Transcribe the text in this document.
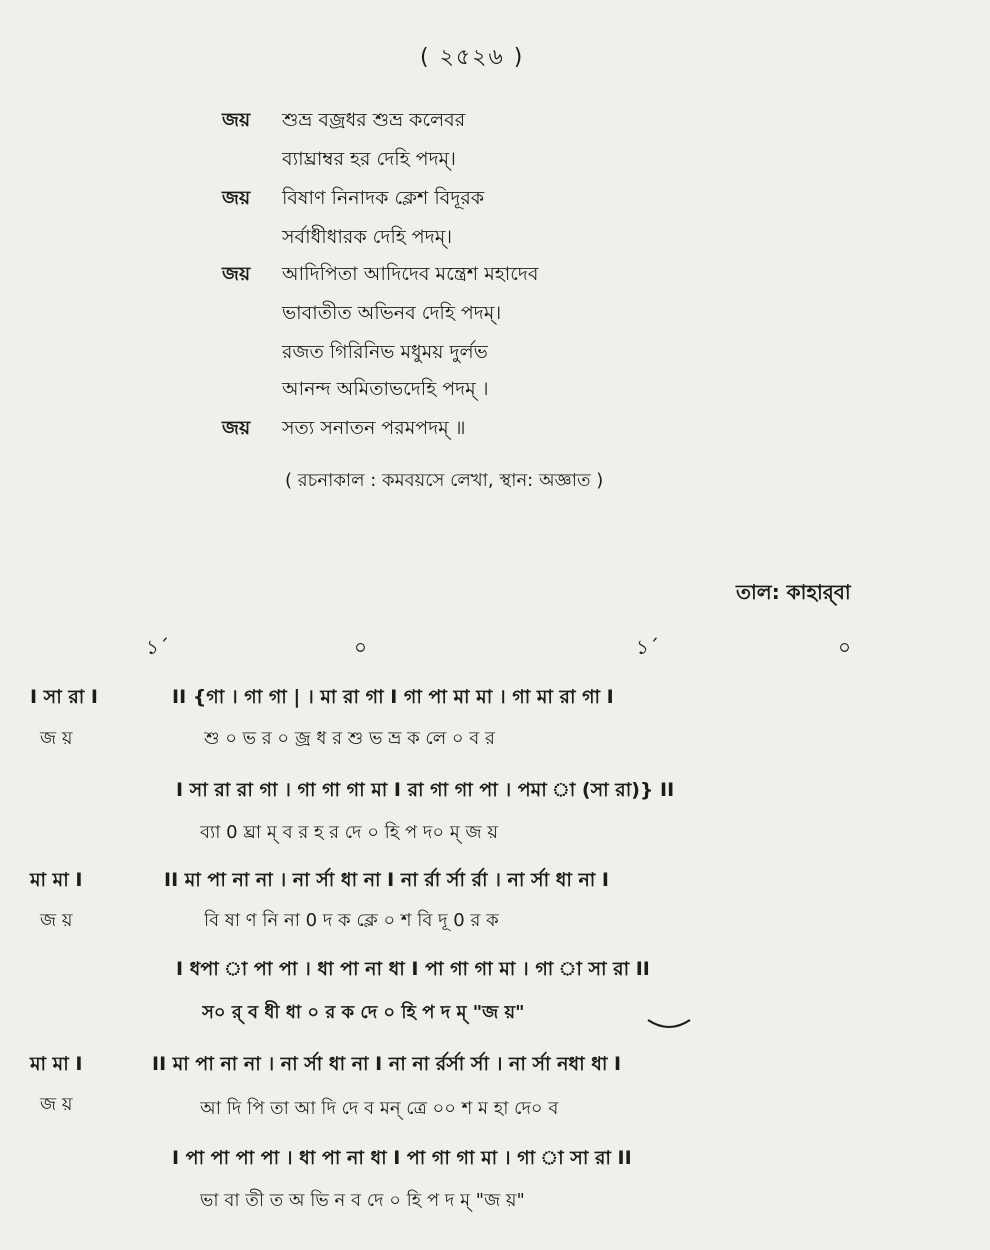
( ২৫২৬ )
জয় শুভ্র বজ্রধর শুভ্র কলেবর
ব্যাঘ্রাম্বর হর দেহি পদম্।
জয় বিষাণ নিনাদক ক্লেশ বিদূরক
সর্বাধীধারক দেহি পদম্।
জয় আদিপিতা আদিদেব মন্ত্রেশ মহাদেব
ভাবাতীত অভিনব দেহি পদম্।
রজত গিরিনিভ মধুময় দুর্লভ
আনন্দ অমিতাভদেহি পদম্ ।
জয় সত্য সনাতন পরমপদম্ ॥
( রচনাকাল : কমবয়সে লেখা, স্থান: অজ্ঞাত )
তাল: কাহার্‌বা
১´	০	১´	০
I সা রা I	II {গা । গা গা | । মা রা গা I গা পা মা মা । গা মা রা গা I
জ য়	শু ০ ভ র ০ জ্র ধ র শু ভ ভ্র ক লে ০ ব র
I সা রা রা গা । গা গা গা মা I রা গা গা পা । পমা া (সা রা)} II
ব্যা 0 ঘ্রা ম্ ব র হ র দে ০ হি প দ০ ম্ জ য়
মা মা I	II মা পা না না । না র্সা ধা না I না র্রা র্সা র্রা । না র্সা ধা না I
জ য়	বি ষা ণ নি না 0 দ ক ক্লে ০ শ বি দূ 0 র ক
I ধপা া পা পা । ধা পা না ধা I পা গা গা মা । গা া সা রা II
স০ র্ ব ধী ধা ০ র ক দে ০ হি প দ ম্ "জ য়"
মা মা I	II মা পা না না । না র্সা ধা না I না না র্রর্সা র্সা । না র্সা নধা ধা I
জ য়	আ দি পি তা আ দি দে ব মন্‌ ত্রে ০০ শ ম হা দে০ ব
I পা পা পা পা । ধা পা না ধা I পা গা গা মা । গা া সা রা II
ভা বা তী ত অ ভি ন ব দে ০ হি প দ ম্ "জ য়"
